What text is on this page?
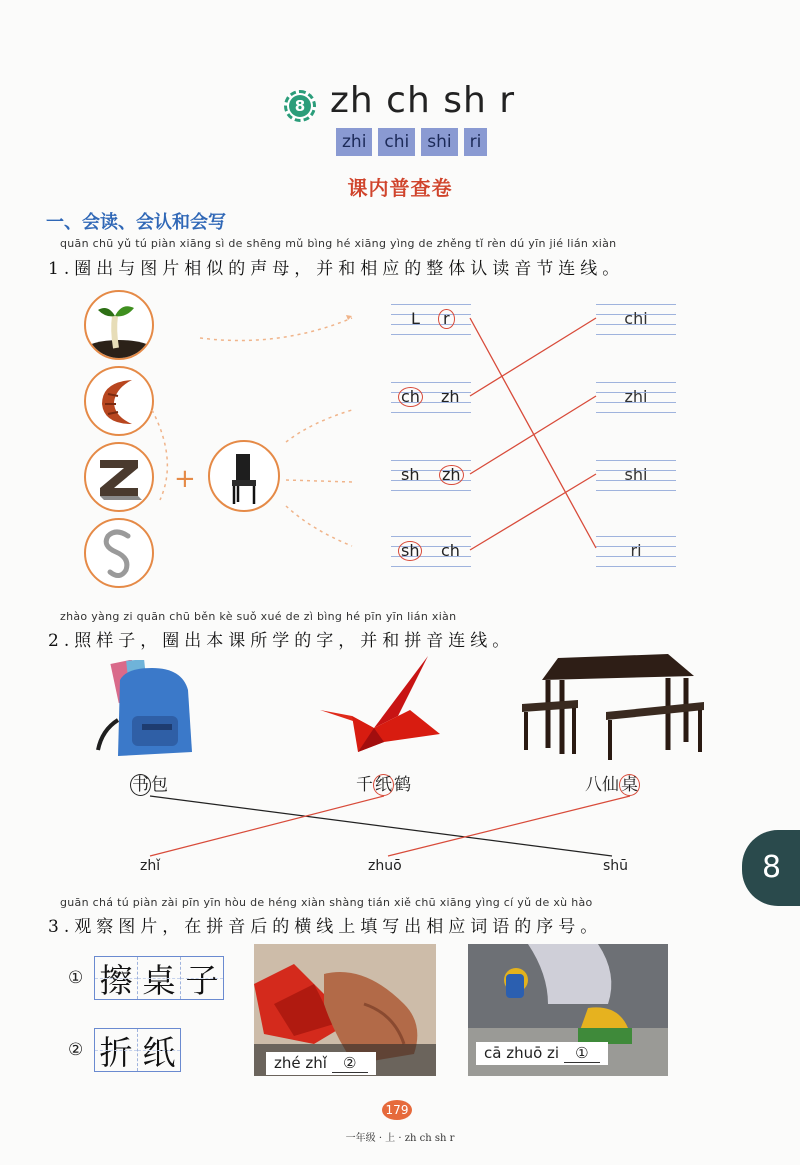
8 zh ch sh r
zhi	chi	shi	ri
课内普查卷
一、会读、会认和会写
quān chū yǔ tú piàn xiāng sì de shēng mǔ bìng hé xiāng yìng de zhěng tǐ rèn dú yīn jié lián xiàn
1.圈出与图片相似的声母，并和相应的整体认读音节连线。
+
L	r
ch zh
sh zh
sh ch
chi
zhi
shi
ri
zhào yàng zi quān chū běn kè suǒ xué de zì bìng hé pīn yīn lián xiàn
2.照样子，圈出本课所学的字，并和拼音连线。
书 包	千 纸 鹤	八仙 桌
zhǐ	zhuō	shū
guān chá tú piàn zài pīn yīn hòu de héng xiàn shàng tián xiě chū xiāng yìng cí yǔ de xù hào
3.观察图片，在拼音后的横线上填写出相应词语的序号。
① 擦 桌 子
② 折 纸	zhé zhǐ ②
cā zhuō zi ①
8
179
一年级 · 上 · zh ch sh r
